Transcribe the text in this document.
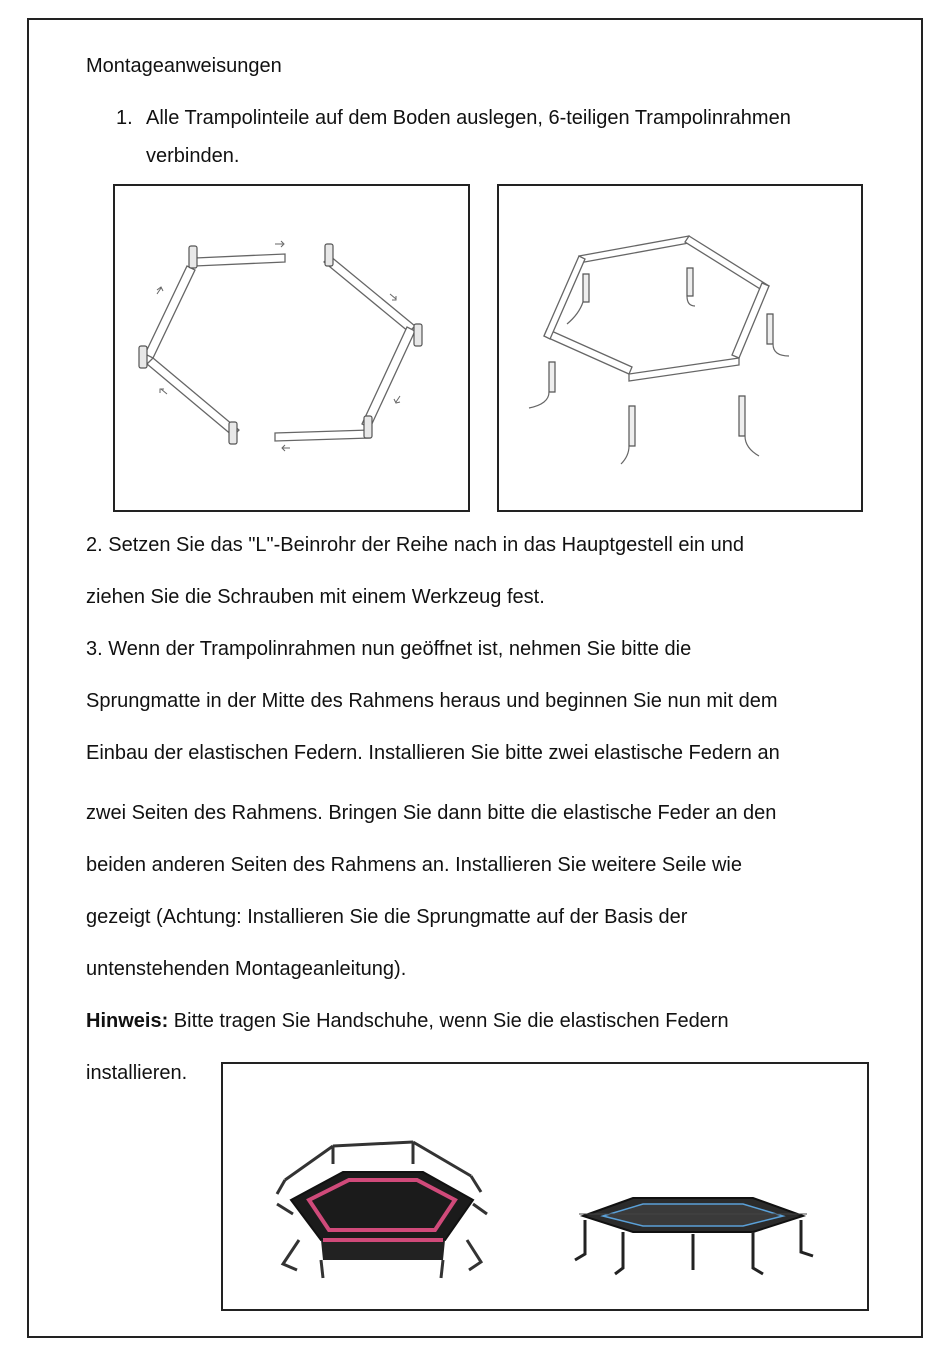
Montageanweisungen
1. Alle Trampolinteile auf dem Boden auslegen, 6-teiligen Trampolinrahmen
verbinden.
2. Setzen Sie das "L"-Beinrohr der Reihe nach in das Hauptgestell ein und
ziehen Sie die Schrauben mit einem Werkzeug fest.
3. Wenn der Trampolinrahmen nun geöffnet ist, nehmen Sie bitte die
Sprungmatte in der Mitte des Rahmens heraus und beginnen Sie nun mit dem
Einbau der elastischen Federn. Installieren Sie bitte zwei elastische Federn an
zwei Seiten des Rahmens. Bringen Sie dann bitte die elastische Feder an den
beiden anderen Seiten des Rahmens an. Installieren Sie weitere Seile wie
gezeigt (Achtung: Installieren Sie die Sprungmatte auf der Basis der
untenstehenden Montageanleitung).
Hinweis: Bitte tragen Sie Handschuhe, wenn Sie die elastischen Federn
installieren.
